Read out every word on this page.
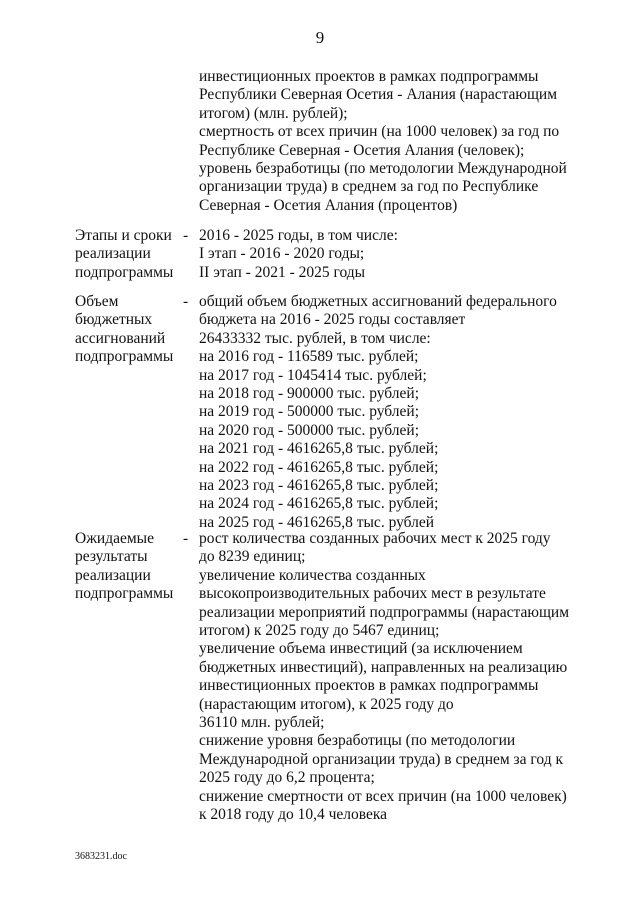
9
инвестиционных проектов в рамках подпрограммы
Республики Северная Осетия - Алания (нарастающим
итогом) (млн. рублей);
смертность от всех причин (на 1000 человек) за год по
Республике Северная - Осетия Алания (человек);
уровень безработицы (по методологии Международной
организации труда) в среднем за год по Республике
Северная - Осетия Алания (процентов)
Этапы и сроки
реализации
подпрограммы
- 2016 - 2025 годы, в том числе:
I этап - 2016 - 2020 годы;
II этап - 2021 - 2025 годы
Объем
бюджетных
ассигнований
подпрограммы
- общий объем бюджетных ассигнований федерального
бюджета на 2016 - 2025 годы составляет
26433332 тыс. рублей, в том числе:
на 2016 год - 116589 тыс. рублей;
на 2017 год - 1045414 тыс. рублей;
на 2018 год - 900000 тыс. рублей;
на 2019 год - 500000 тыс. рублей;
на 2020 год - 500000 тыс. рублей;
на 2021 год - 4616265,8 тыс. рублей;
на 2022 год - 4616265,8 тыс. рублей;
на 2023 год - 4616265,8 тыс. рублей;
на 2024 год - 4616265,8 тыс. рублей;
на 2025 год - 4616265,8 тыс. рублей
Ожидаемые
результаты
реализации
подпрограммы
- рост количества созданных рабочих мест к 2025 году
до 8239 единиц;
увеличение количества созданных
высокопроизводительных рабочих мест в результате
реализации мероприятий подпрограммы (нарастающим
итогом) к 2025 году до 5467 единиц;
увеличение объема инвестиций (за исключением
бюджетных инвестиций), направленных на реализацию
инвестиционных проектов в рамках подпрограммы
(нарастающим итогом), к 2025 году до
36110 млн. рублей;
снижение уровня безработицы (по методологии
Международной организации труда) в среднем за год к
2025 году до 6,2 процента;
снижение смертности от всех причин (на 1000 человек)
к 2018 году до 10,4 человека
3683231.doc
